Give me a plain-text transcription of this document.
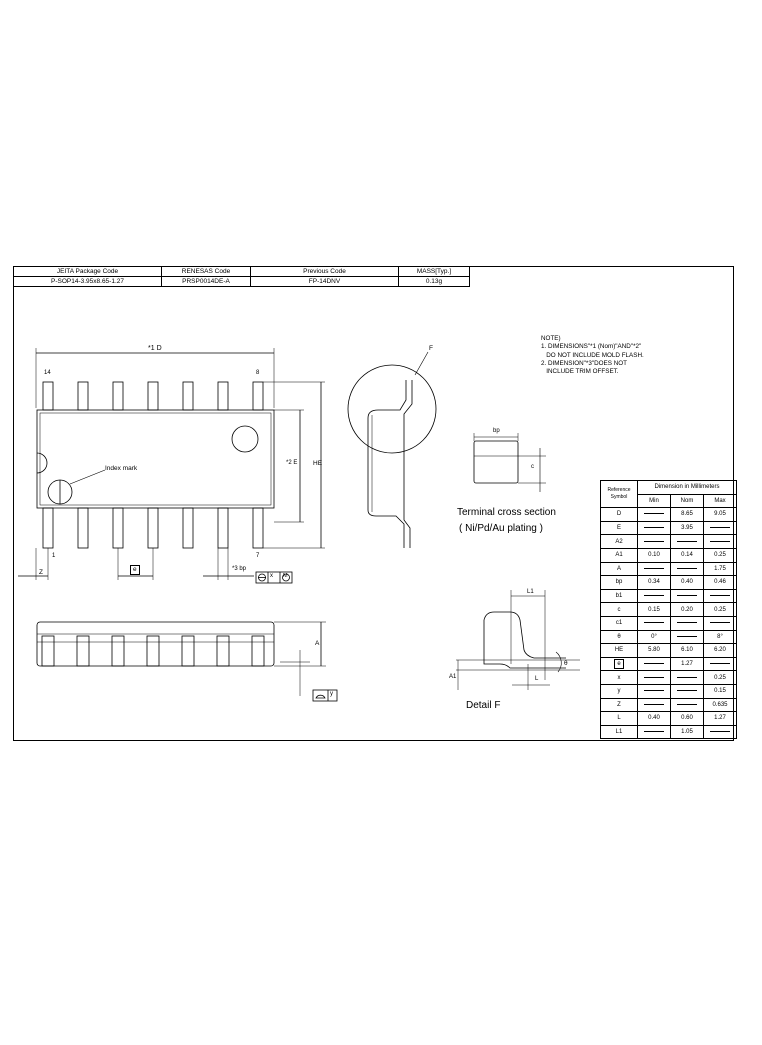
JEITA Package Code	RENESAS Code	Previous Code	MASS[Typ.]
P-SOP14-3.95x8.65-1.27	PRSP0014DE-A	FP-14DNV	0.13g
NOTE)
1. DIMENSIONS"*1 (Nom)"AND"*2"
DO NOT INCLUDE MOLD FLASH.
2. DIMENSION"*3"DOES NOT
INCLUDE TRIM OFFSET.
*1 D
14	8
1	7
Index mark
*2 E HE
Z	e	*3 bp
x M
A
y
F
bp
c
Terminal cross section
( Ni/Pd/Au plating )
L1
L
A1
θ
Detail F
Reference Symbol	Dimension in Millimeters		
	Min	Nom	Max
D		8.65	9.05
E		3.95	
A2			
A1	0.10	0.14	0.25
A			1.75
bp	0.34	0.40	0.46
b1			
c	0.15	0.20	0.25
c1			
θ	0°		8°
HE	5.80	6.10	6.20
e		1.27	
x			0.25
y			0.15
Z			0.635
L	0.40	0.60	1.27
L1		1.05	
